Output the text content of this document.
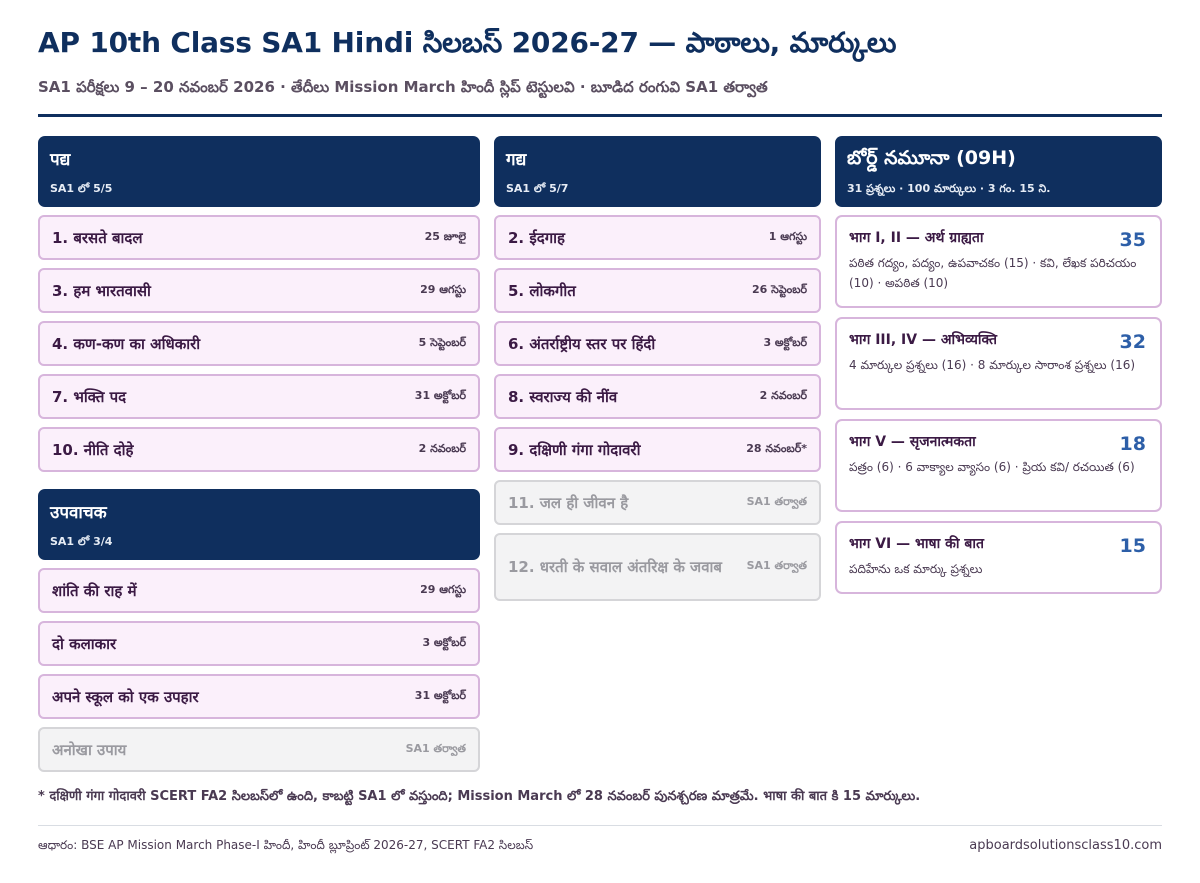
AP 10th Class SA1 Hindi సిలబస్ 2026-27 — పాఠాలు, మార్కులు
SA1 పరీక్షలు 9 – 20 నవంబర్ 2026 · తేదీలు Mission March హిందీ స్లిప్ టెస్టులవి · బూడిద రంగువి SA1 తర్వాత
पद्य
SA1 లో 5/5
1. बरसते बादल	25 జూలై
3. हम भारतवासी	29 ఆగస్టు
4. कण-कण का अधिकारी	5 సెప్టెంబర్
7. भक्ति पद	31 అక్టోబర్
10. नीति दोहे	2 నవంబర్
उपवाचक
SA1 లో 3/4
शांति की राह में	29 ఆగస్టు
दो कलाकार	3 అక్టోబర్
अपने स्कूल को एक उपहार	31 అక్టోబర్
अनोखा उपाय	SA1 తర్వాత
गद्य
SA1 లో 5/7
2. ईदगाह	1 ఆగస్టు
5. लोकगीत	26 సెప్టెంబర్
6. अंतर्राष्ट्रीय स्तर पर हिंदी	3 అక్టోబర్
8. स्वराज्य की नींव	2 నవంబర్
9. दक्षिणी गंगा गोदावरी	28 నవంబర్*
11. जल ही जीवन है	SA1 తర్వాత
12. धरती के सवाल अंतरिक्ष के जवाब	SA1 తర్వాత
బోర్డ్ నమూనా (09H)
31 ప్రశ్నలు · 100 మార్కులు · 3 గం. 15 ని.
भाग I, II — अर्थ ग्राह्यता	35
పఠిత గద్యం, పద్యం, ఉపవాచకం (15) · కవి, లేఖక పరిచయం (10) · అపఠిత (10)
भाग III, IV — अभिव्यक्ति	32
4 మార్కుల ప్రశ్నలు (16) · 8 మార్కుల సారాంశ ప్రశ్నలు (16)
भाग V — सृजनात्मकता	18
పత్రం (6) · 6 వాక్యాల వ్యాసం (6) · ప్రియ కవి/ రచయిత (6)
भाग VI — भाषा की बात	15
పదిహేను ఒక మార్కు ప్రశ్నలు
* दक्षिणी गंगा गोदावरी SCERT FA2 సిలబస్‌లో ఉంది, కాబట్టి SA1 లో వస్తుంది; Mission March లో 28 నవంబర్ పునశ్చరణ మాత్రమే. भाषा की बात కి 15 మార్కులు.
ఆధారం: BSE AP Mission March Phase-I హిందీ, హిందీ బ్లూప్రింట్ 2026-27, SCERT FA2 సిలబస్	apboardsolutionsclass10.com
